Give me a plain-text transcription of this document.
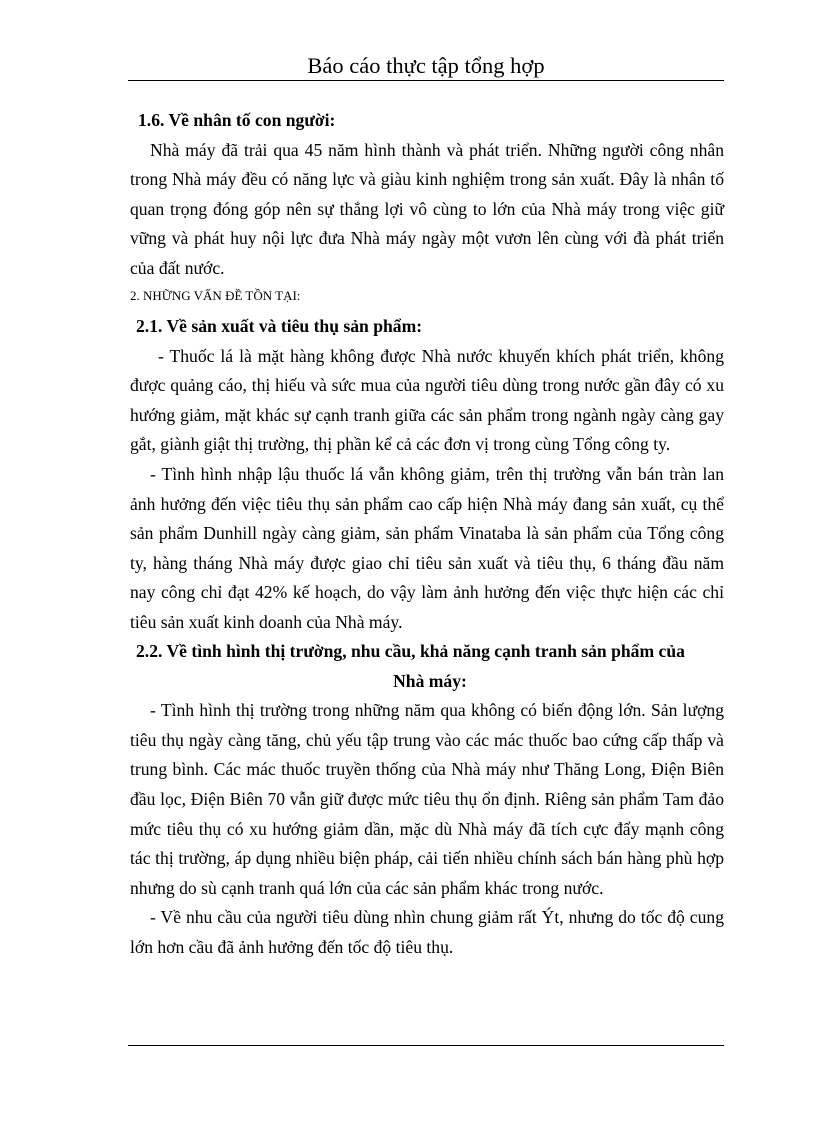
Báo cáo thực tập tổng hợp

1.6. Về nhân tố con người:

Nhà máy đã trải qua 45 năm hình thành và phát triển. Những người công nhân trong Nhà máy đều có năng lực và giàu kinh nghiệm trong sản xuất. Đây là nhân tố quan trọng đóng góp nên sự thắng lợi vô cùng to lớn của Nhà máy trong việc giữ vững và phát huy nội lực đưa Nhà máy ngày một vươn lên cùng với đà phát triển của đất nước.

2. NHỮNG VẤN ĐỀ TỒN TẠI:

2.1. Về sản xuất và tiêu thụ sản phẩm:

- Thuốc lá là mặt hàng không được Nhà nước khuyến khích phát triển, không được quảng cáo, thị hiếu và sức mua của người tiêu dùng trong nước gần đây có xu hướng giảm, mặt khác sự cạnh tranh giữa các sản phẩm trong ngành ngày càng gay gắt, giành giật thị trường, thị phần kể cả các đơn vị trong cùng Tổng công ty.

- Tình hình nhập lậu thuốc lá vẫn không giảm, trên thị trường vẫn bán tràn lan ảnh hưởng đến việc tiêu thụ sản phẩm cao cấp hiện Nhà máy đang sản xuất, cụ thể sản phẩm Dunhill ngày càng giảm, sản phẩm Vinataba là sản phẩm của Tổng công ty, hàng tháng Nhà máy được giao chỉ tiêu sản xuất và tiêu thụ, 6 tháng đầu năm nay công chỉ đạt 42% kế hoạch, do vậy làm ảnh hưởng đến việc thực hiện các chỉ tiêu sản xuất kinh doanh của Nhà máy.

2.2. Về tình hình thị trường, nhu cầu, khả năng cạnh tranh sản phẩm của

Nhà máy:

- Tình hình thị trường trong những năm qua không có biến động lớn. Sản lượng tiêu thụ ngày càng tăng, chủ yếu tập trung vào các mác thuốc bao cứng cấp thấp và trung bình. Các mác thuốc truyền thống của Nhà máy như Thăng Long, Điện Biên đầu lọc, Điện Biên 70 vẫn giữ được mức tiêu thụ ổn định. Riêng sản phẩm Tam đảo mức tiêu thụ có xu hướng giảm dần, mặc dù Nhà máy đã tích cực đẩy mạnh công tác thị trường, áp dụng nhiều biện pháp, cải tiến nhiều chính sách bán hàng phù hợp nhưng do sù cạnh tranh quá lớn của các sản phẩm khác trong nước.

- Về nhu cầu của người tiêu dùng nhìn chung giảm rất Ýt, nhưng do tốc độ cung lớn hơn cầu đã ảnh hưởng đến tốc độ tiêu thụ.
